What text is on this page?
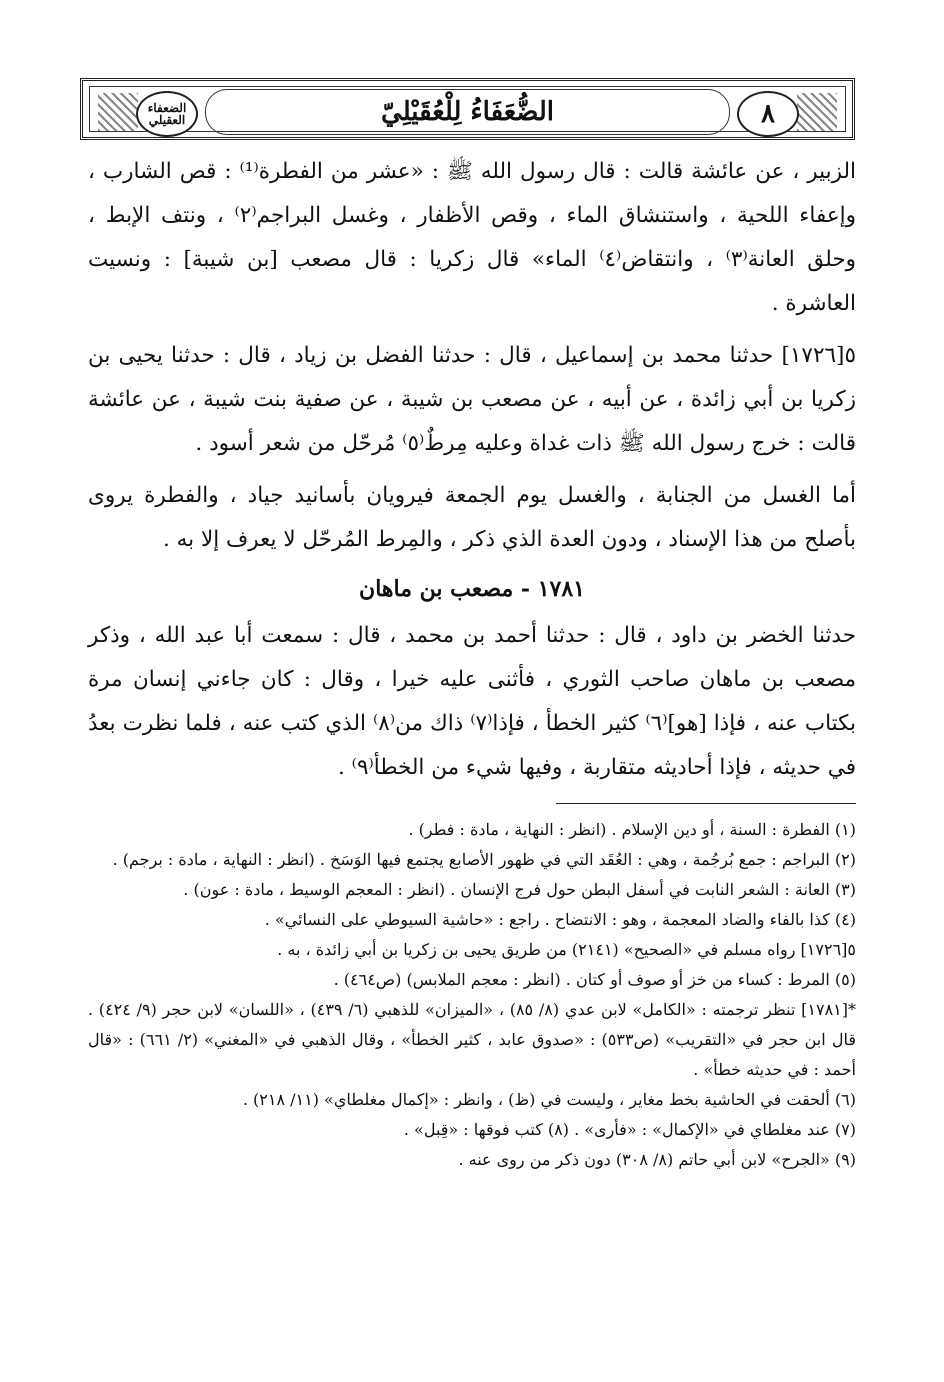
الضعفاء العقيلي	٨
الضُّعَفَاءُ لِلْعُقَيْلِيّ

الزبير ، عن عائشة قالت : قال رسول الله ﷺ : «عشر من الفطرة⁽¹⁾ : قص الشارب ، وإعفاء اللحية ، واستنشاق الماء ، وقص الأظفار ، وغسل البراجم⁽٢⁾ ، ونتف الإبط ، وحلق العانة⁽٣⁾ ، وانتقاض⁽٤⁾ الماء» قال زكريا : قال مصعب [بن شيبة] : ونسيت العاشرة .

٥[١٧٢٦] حدثنا محمد بن إسماعيل ، قال : حدثنا الفضل بن زياد ، قال : حدثنا يحيى بن زكريا بن أبي زائدة ، عن أبيه ، عن مصعب بن شيبة ، عن صفية بنت شيبة ، عن عائشة قالت : خرج رسول الله ﷺ ذات غداة وعليه مِرطٌ⁽٥⁾ مُرحّل من شعر أسود .

أما الغسل من الجنابة ، والغسل يوم الجمعة فيرويان بأسانيد جياد ، والفطرة يروى بأصلح من هذا الإسناد ، ودون العدة الذي ذكر ، والمِرط المُرحّل لا يعرف إلا به .

١٧٨١ - مصعب بن ماهان

حدثنا الخضر بن داود ، قال : حدثنا أحمد بن محمد ، قال : سمعت أبا عبد الله ، وذكر مصعب بن ماهان صاحب الثوري ، فأثنى عليه خيرا ، وقال : كان جاءني إنسان مرة بكتاب عنه ، فإذا [هو]⁽٦⁾ كثير الخطأ ، فإذا⁽٧⁾ ذاك من⁽٨⁾ الذي كتب عنه ، فلما نظرت بعدُ في حديثه ، فإذا أحاديثه متقاربة ، وفيها شيء من الخطأ⁽٩⁾ .

(١) الفطرة : السنة ، أو دين الإسلام . (انظر : النهاية ، مادة : فطر) .

(٢) البراجم : جمع بُرجُمة ، وهي : العُقَد التي في ظهور الأصابع يجتمع فيها الوَسَخ . (انظر : النهاية ، مادة : برجم) .

(٣) العانة : الشعر النابت في أسفل البطن حول فرج الإنسان . (انظر : المعجم الوسيط ، مادة : عون) .

(٤) كذا بالفاء والضاد المعجمة ، وهو : الانتضاح . راجع : «حاشية السيوطي على النسائي» .

٥[١٧٢٦] رواه مسلم في «الصحيح» (٢١٤١) من طريق يحيى بن زكريا بن أبي زائدة ، به .

(٥) المرط : كساء من خز أو صوف أو كتان . (انظر : معجم الملابس) (ص٤٦٤) .

*[١٧٨١] تنظر ترجمته : «الكامل» لابن عدي (٨/ ٨٥) ، «الميزان» للذهبي (٦/ ٤٣٩) ، «اللسان» لابن حجر (٩/ ٤٢٤) . قال ابن حجر في «التقريب» (ص٥٣٣) : «صدوق عابد ، كثير الخطأ» ، وقال الذهبي في «المغني» (٢/ ٦٦١) : «قال أحمد : في حديثه خطأ» .

(٦) ألحقت في الحاشية بخط مغاير ، وليست في (ظ) ، وانظر : «إكمال مغلطاي» (١١/ ٢١٨) .

(٧) عند مغلطاي في «الإكمال» : «فأرى» . (٨) كتب فوقها : «قِبل» .

(٩) «الجرح» لابن أبي حاتم (٨/ ٣٠٨) دون ذكر من روى عنه .
